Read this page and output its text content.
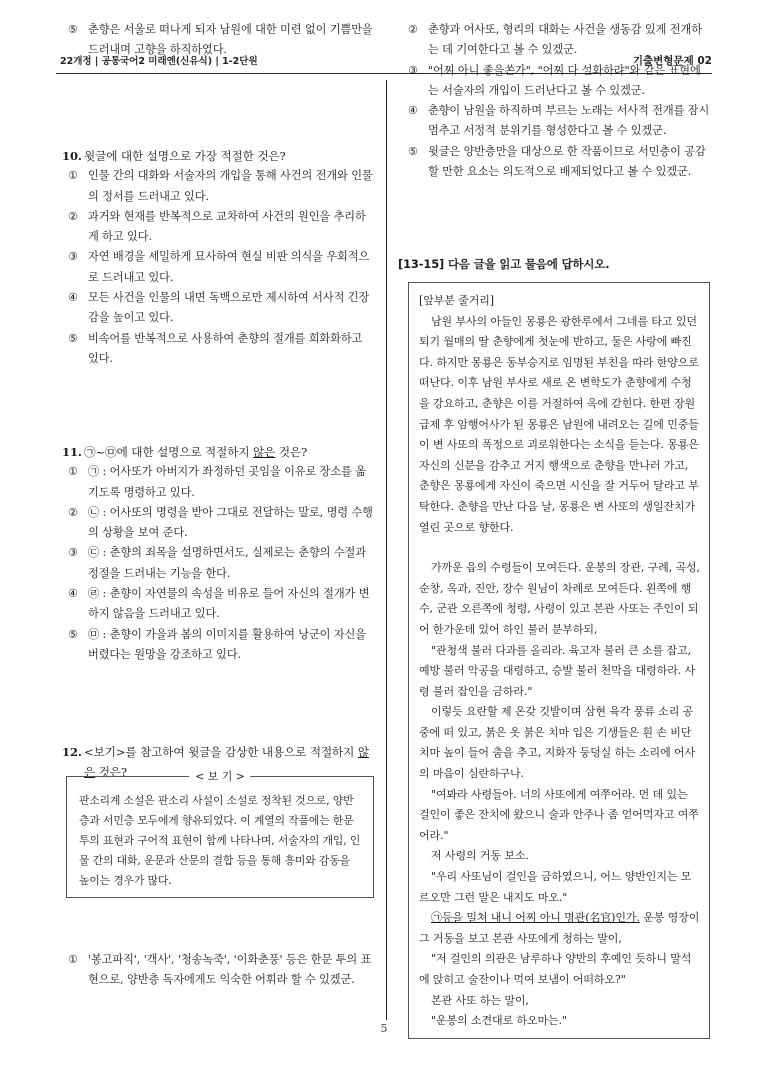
22개정 | 공통국어2 미래엔(신유식) | 1-2단원	기출변형문제 02
⑤ 춘향은 서울로 떠나게 되자 남원에 대한 미련 없이 기쁨만을 드러내며 고향을 하직하였다.
10. 윗글에 대한 설명으로 가장 적절한 것은?
① 인물 간의 대화와 서술자의 개입을 통해 사건의 전개와 인물의 정서를 드러내고 있다.
② 과거와 현재를 반복적으로 교차하여 사건의 원인을 추리하게 하고 있다.
③ 자연 배경을 세밀하게 묘사하여 현실 비판 의식을 우회적으로 드러내고 있다.
④ 모든 사건을 인물의 내면 독백으로만 제시하여 서사적 긴장감을 높이고 있다.
⑤ 비속어를 반복적으로 사용하여 춘향의 절개를 희화화하고 있다.
11. ㉠~㉤에 대한 설명으로 적절하지 않은 것은?
① ㉠ : 어사또가 아버지가 좌정하던 곳임을 이유로 장소를 옮기도록 명령하고 있다.
② ㉡ : 어사또의 명령을 받아 그대로 전달하는 말로, 명령 수행의 상황을 보여 준다.
③ ㉢ : 춘향의 죄목을 설명하면서도, 실제로는 춘향의 수절과 정절을 드러내는 기능을 한다.
④ ㉣ : 춘향이 자연물의 속성을 비유로 들어 자신의 절개가 변하지 않음을 드러내고 있다.
⑤ ㉤ : 춘향이 가을과 봄의 이미지를 활용하여 낭군이 자신을 버렸다는 원망을 강조하고 있다.
12. <보기>를 참고하여 윗글을 감상한 내용으로 적절하지 않은 것은?	< 보 기 >
판소리계 소설은 판소리 사설이 소설로 정착된 것으로, 양반층과 서민층 모두에게 향유되었다. 이 계열의 작품에는 한문투의 표현과 구어적 표현이 함께 나타나며, 서술자의 개입, 인물 간의 대화, 운문과 산문의 결합 등을 통해 흥미와 감동을 높이는 경우가 많다.
① '봉고파직', '객사', '청송녹죽', '이화춘풍' 등은 한문 투의 표현으로, 양반층 독자에게도 익숙한 어휘라 할 수 있겠군.
② 춘향과 어사또, 형리의 대화는 사건을 생동감 있게 전개하는 데 기여한다고 볼 수 있겠군.
③ "어찌 아니 좋을쏜가", "어찌 다 설화하랴"와 같은 표현에는 서술자의 개입이 드러난다고 볼 수 있겠군.
④ 춘향이 남원을 하직하며 부르는 노래는 서사적 전개를 잠시 멈추고 서정적 분위기를 형성한다고 볼 수 있겠군.
⑤ 윗글은 양반층만을 대상으로 한 작품이므로 서민층이 공감할 만한 요소는 의도적으로 배제되었다고 볼 수 있겠군.
[13-15] 다음 글을 읽고 물음에 답하시오.

[앞부분 줄거리]

남원 부사의 아들인 몽룡은 광한루에서 그네를 타고 있던 퇴기 월매의 딸 춘향에게 첫눈에 반하고, 둘은 사랑에 빠진다. 하지만 몽룡은 동부승지로 임명된 부친을 따라 한양으로 떠난다. 이후 남원 부사로 새로 온 변학도가 춘향에게 수청을 강요하고, 춘향은 이를 거절하여 옥에 갇힌다. 한편 장원 급제 후 암행어사가 된 몽룡은 남원에 내려오는 길에 민중들이 변 사또의 폭정으로 괴로워한다는 소식을 듣는다. 몽룡은 자신의 신분을 감추고 거지 행색으로 춘향을 만나러 가고, 춘향은 몽룡에게 자신이 죽으면 시신을 잘 거두어 달라고 부탁한다. 춘향을 만난 다음 날, 몽룡은 변 사또의 생일잔치가 열린 곳으로 향한다.

가까운 읍의 수령들이 모여든다. 운봉의 장관, 구례, 곡성, 순창, 옥과, 진안, 장수 원님이 차례로 모여든다. 왼쪽에 행수, 군관 오른쪽에 청령, 사령이 있고 본관 사또는 주인이 되어 한가운데 있어 하인 불러 분부하되,

"관청색 불러 다과를 올리라. 육고자 불러 큰 소를 잡고, 예방 불러 악공을 대령하고, 승발 불러 천막을 대령하라. 사령 불러 잡인을 금하라."

이렇듯 요란할 제 온갖 깃발이며 삼현 육각 풍류 소리 공중에 떠 있고, 붉은 옷 붉은 치마 입은 기생들은 흰 손 비단 치마 높이 들어 춤을 추고, 지화자 둥덩실 하는 소리에 어사의 마음이 심란하구나.

"여봐라 사령들아. 너의 사또에게 여쭈어라. 먼 데 있는 걸인이 좋은 잔치에 왔으니 술과 안주나 좀 얻어먹자고 여쭈어라."

저 사령의 거동 보소.

"우리 사또님이 걸인을 금하였으니, 어느 양반인지는 모르오만 그런 말은 내지도 마오."

㉠등을 밀쳐 내니 어찌 아니 명관(名官)인가. 운봉 영장이 그 거동을 보고 본관 사또에게 청하는 말이,

"저 걸인의 의관은 남루하나 양반의 후예인 듯하니 말석에 앉히고 술잔이나 먹여 보냄이 어떠하오?"

본관 사또 하는 말이,

"운봉의 소견대로 하오마는."

5
